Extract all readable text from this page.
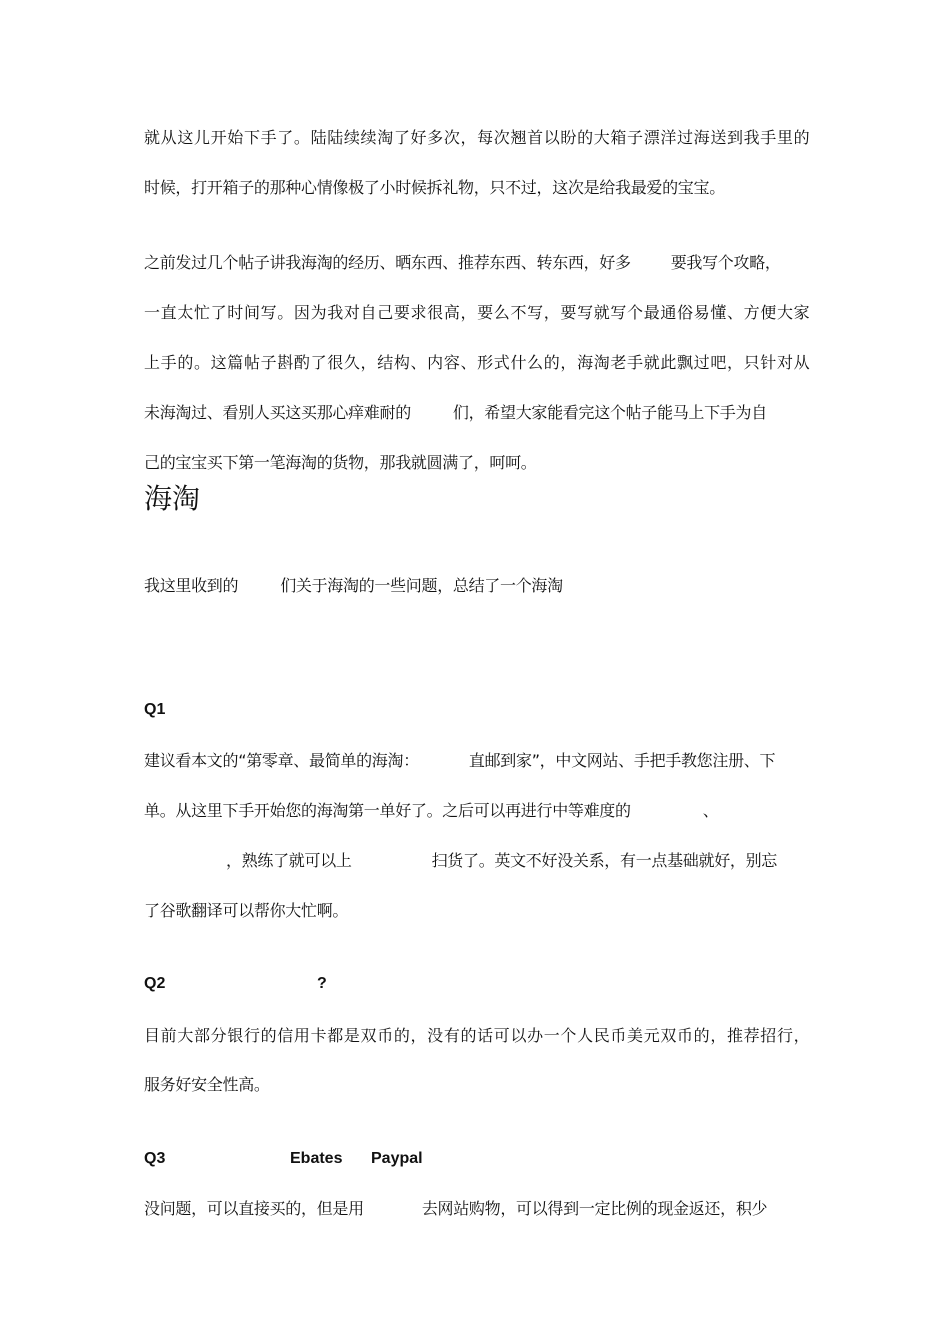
就 从 这 儿 开 始 下 手 了 。 陆 陆 续 续 淘 了 好 多 次 ， 每 次 翘 首 以 盼 的 大 箱 子 漂 洋 过 海 送 到 我 手 里 的
时候，打开箱子的那种心情像极了小时候拆礼物，只不过，这次是给我最爱的宝宝。
之前发过几个帖子讲我海淘的经历、晒东西、推荐东西、转东西，好多	要我写个攻略，
一 直 太 忙 了 时 间 写 。 因 为 我 对 自 己 要 求 很 高 ， 要 么 不 写 ， 要 写 就 写 个 最 通 俗 易 懂 、 方 便 大 家
上 手 的 。 这 篇 帖 子 斟 酌 了 很 久 ， 结 构 、 内 容 、 形 式 什 么 的 ， 海 淘 老 手 就 此 飘 过 吧 ， 只 针 对 从
未海淘过、看别人买这买那心痒难耐的	们，希望大家能看完这个帖子能马上下手为自
己的宝宝买下第一笔海淘的货物，那我就圆满了，呵呵。
海淘
我这里收到的	们关于海淘的一些问题，总结了一个海淘
Q1
建议看本文的“第零章、最简单的海淘：	直邮到家”，中文网站、手把手教您注册、下
单。从这里下手开始您的海淘第一单好了。之后可以再进行中等难度的	、
，熟练了就可以上	扫货了。英文不好没关系，有一点基础就好，别忘
了谷歌翻译可以帮你大忙啊。
Q2	?
目 前 大 部 分 银 行 的 信 用 卡 都 是 双 币 的 ， 没 有 的 话 可 以 办 一 个 人 民 币 美 元 双 币 的 ， 推 荐 招 行 ，
服务好安全性高。
Q3	Ebates Paypal
没问题，可以直接买的，但是用	去网站购物，可以得到一定比例的现金返还，积少
